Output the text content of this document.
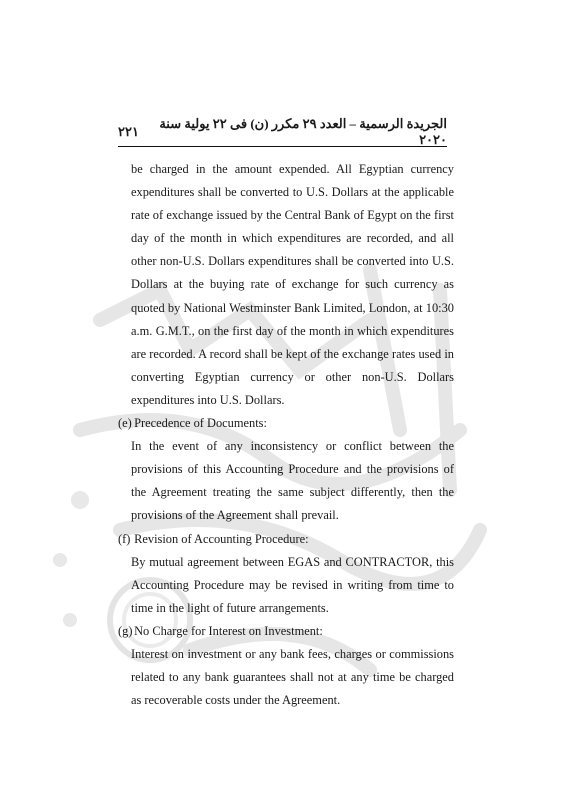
الجريدة الرسمية – العدد ٢٩ مكرر (ن) فى ٢٢ يولية سنة ٢٠٢٠
٢٢١

be charged in the amount expended. All Egyptian currency expenditures shall be converted to U.S. Dollars at the applicable rate of exchange issued by the Central Bank of Egypt on the first day of the month in which expenditures are recorded, and all other non-U.S. Dollars expenditures shall be converted into U.S. Dollars at the buying rate of exchange for such currency as quoted by National Westminster Bank Limited, London, at 10:30 a.m. G.M.T., on the first day of the month in which expenditures are recorded. A record shall be kept of the exchange rates used in converting Egyptian currency or other non-U.S. Dollars expenditures into U.S. Dollars.

(e) Precedence of Documents:

In the event of any inconsistency or conflict between the provisions of this Accounting Procedure and the provisions of the Agreement treating the same subject differently, then the provisions of the Agreement shall prevail.

(f) Revision of Accounting Procedure:

By mutual agreement between EGAS and CONTRACTOR, this Accounting Procedure may be revised in writing from time to time in the light of future arrangements.

(g) No Charge for Interest on Investment:

Interest on investment or any bank fees, charges or commissions related to any bank guarantees shall not at any time be charged as recoverable costs under the Agreement.
